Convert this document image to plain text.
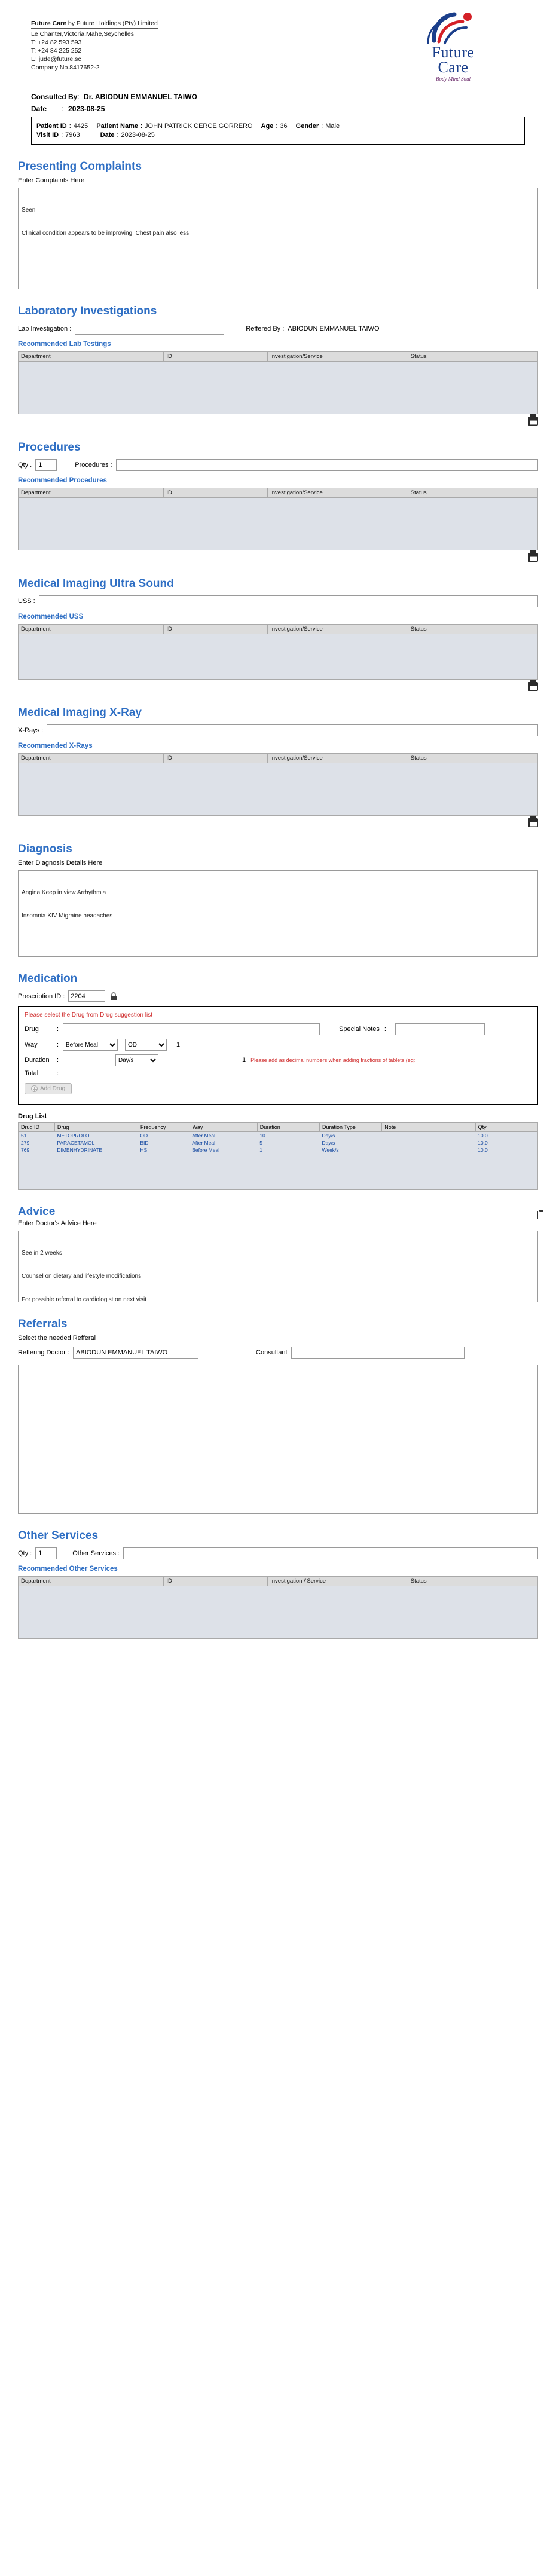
Future Care by Future Holdings (Pty) Limited
Le Chanter,Victoria,Mahe,Seychelles
T: +24 82 593 593
T: +24 84 225 252
E: jude@future.sc
Company No.8417652-2
Future
Care
Body Mind Soul
Consulted By: Dr. ABIODUN EMMANUEL TAIWO
Date : 2023-08-25
Patient ID : 4425 Patient Name : JOHN PATRICK CERCE GORRERO Age : 36 Gender : Male
Visit ID : 7963	Date : 2023-08-25
Presenting Complaints
Enter Complaints Here

Seen

Clinical condition appears to be improving, Chest pain also less.

Laboratory Investigations
Lab Investigation :	Reffered By : ABIODUN EMMANUEL TAIWO
Recommended Lab Testings
Department	ID	Investigation/Service	Status
Procedures
Qty .
1	Procedures :
Recommended Procedures
Department	ID	Investigation/Service	Status
Medical Imaging Ultra Sound
USS :
Recommended USS
Department	ID	Investigation/Service	Status
Medical Imaging X-Ray
X-Rays :
Recommended X-Rays
Department	ID	Investigation/Service	Status
Diagnosis
Enter Diagnosis Details Here

Angina Keep in view Arrhythmia

Insomnia KIV Migraine headaches

Medication
Prescription ID :
2204
Please select the Drug from Drug suggestion list
Drug	:	Special Notes :
Way	:
Before Meal
OD	1
Duration	:
Day/s	1 Please add as decimal numbers when adding fractions of tablets (eg:.
Total	:
Add Drug
Drug List
Drug ID	Drug	Frequency	Way	Duration	Duration Type	Note	Qty
51	METOPROLOL	OD	After Meal	10	Day/s		10.0
279	PARACETAMOL	BID	After Meal	5	Day/s		10.0
769	DIMENHYDRINATE	HS	Before Meal	1	Week/s		10.0

Advice
Enter Doctor's Advice Here

See in 2 weeks

Counsel on dietary and lifestyle modifications

For possible referral to cardiologist on next visit

Referrals
Select the needed Refferal
Reffering Doctor :
ABIODUN EMMANUEL TAIWO	Consultant
Other Services
Qty :
1	Other Services :
Recommended Other Services
Department	ID	Investigation / Service	Status
